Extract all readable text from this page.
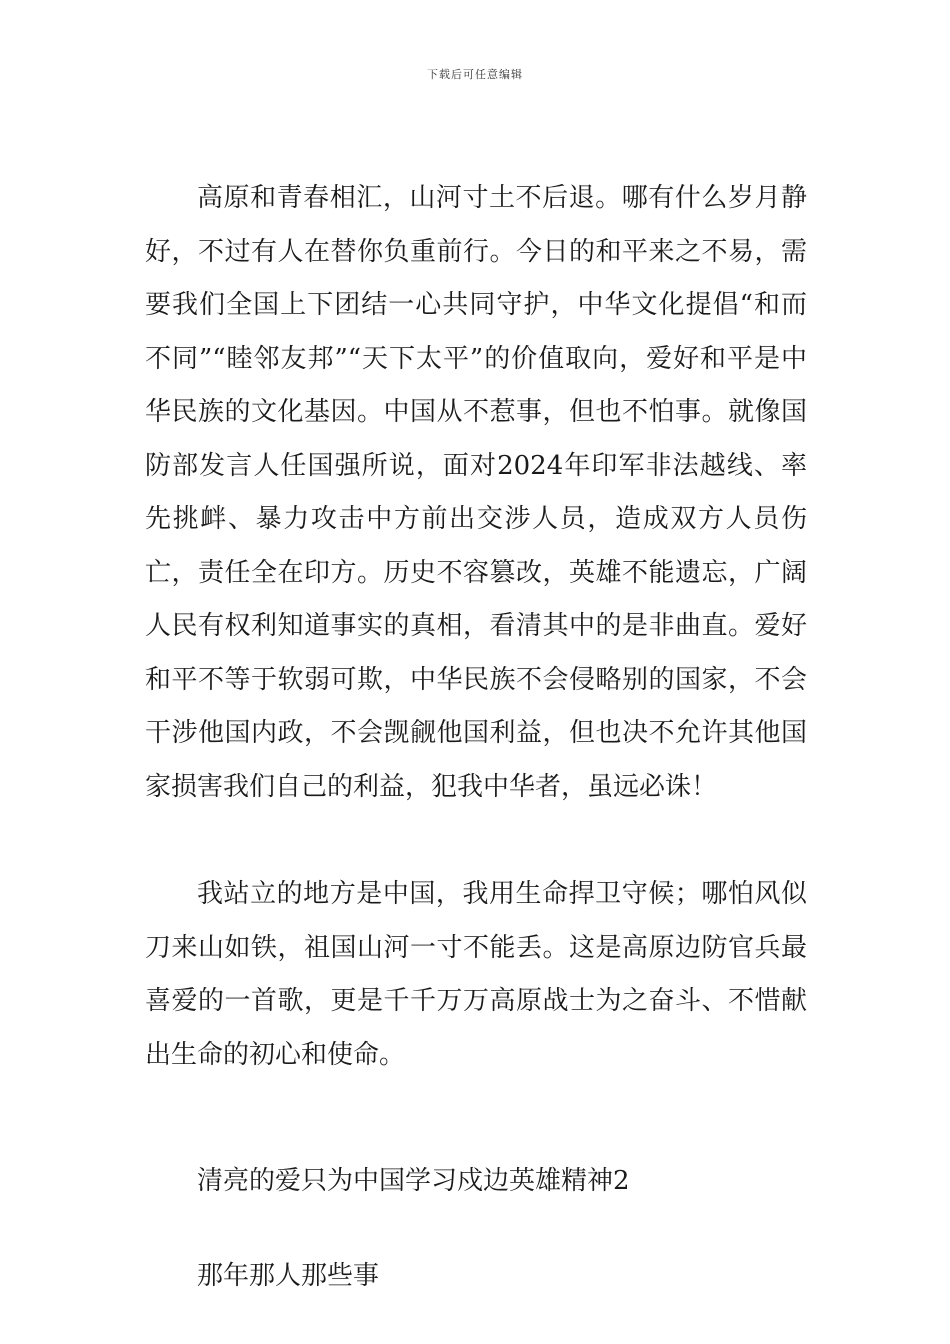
下载后可任意编辑

高原和青春相汇，山河寸土不后退。哪有什么岁月静好，不过有人在替你负重前行。今日的和平来之不易，需要我们全国上下团结一心共同守护，中华文化提倡“和而不同”“睦邻友邦”“天下太平”的价值取向，爱好和平是中华民族的文化基因。中国从不惹事，但也不怕事。就像国防部发言人任国强所说，面对2024年印军非法越线、率先挑衅、暴力攻击中方前出交涉人员，造成双方人员伤亡，责任全在印方。历史不容篡改，英雄不能遗忘，广阔人民有权利知道事实的真相，看清其中的是非曲直。爱好和平不等于软弱可欺，中华民族不会侵略别的国家，不会干涉他国内政，不会觊觎他国利益，但也决不允许其他国家损害我们自己的利益，犯我中华者，虽远必诛！

我站立的地方是中国，我用生命捍卫守候；哪怕风似刀来山如铁，祖国山河一寸不能丢。这是高原边防官兵最喜爱的一首歌，更是千千万万高原战士为之奋斗、不惜献出生命的初心和使命。

清亮的爱只为中国学习戍边英雄精神2

那年那人那些事
